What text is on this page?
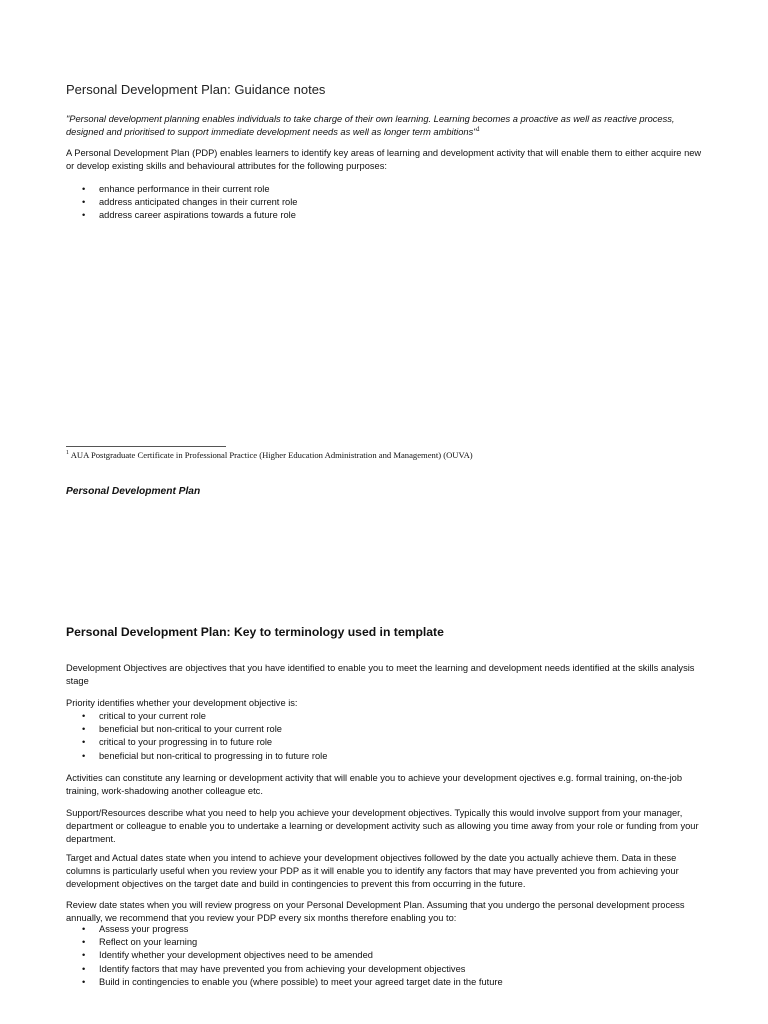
Personal Development Plan: Guidance notes
"Personal development planning enables individuals to take charge of their own learning. Learning becomes a proactive as well as reactive process, designed and prioritised to support immediate development needs as well as longer term ambitions"$^1$
A Personal Development Plan (PDP) enables learners to identify key areas of learning and development activity that will enable them to either acquire new or develop existing skills and behavioural attributes for the following purposes:
• enhance performance in their current role
• address anticipated changes in their current role
• address career aspirations towards a future role
$^1$ AUA Postgraduate Certificate in Professional Practice (Higher Education Administration and Management) (OUVA)
Personal Development Plan
Personal Development Plan: Key to terminology used in template
Development Objectives are objectives that you have identified to enable you to meet the learning and development needs identified at the skills analysis stage
Priority identifies whether your development objective is:
• critical to your current role
• beneficial but non-critical to your current role
• critical to your progressing in to future role
• beneficial but non-critical to progressing in to future role
Activities can constitute any learning or development activity that will enable you to achieve your development ojectives e.g. formal training, on-the-job training, work-shadowing another colleague etc.
Support/Resources describe what you need to help you achieve your development objectives. Typically this would involve support from your manager, department or colleague to enable you to undertake a learning or development activity such as allowing you time away from your role or funding from your department.
Target and Actual dates state when you intend to achieve your development objectives followed by the date you actually achieve them. Data in these columns is particularly useful when you review your PDP as it will enable you to identify any factors that may have prevented you from achieving your development objectives on the target date and build in contingencies to prevent this from occurring in the future.
Review date states when you will review progress on your Personal Development Plan. Assuming that you undergo the personal development process annually, we recommend that you review your PDP every six months therefore enabling you to:
• Assess your progress
• Reflect on your learning
• Identify whether your development objectives need to be amended
• Identify factors that may have prevented you from achieving your development objectives
• Build in contingencies to enable you (where possible) to meet your agreed target date in the future
